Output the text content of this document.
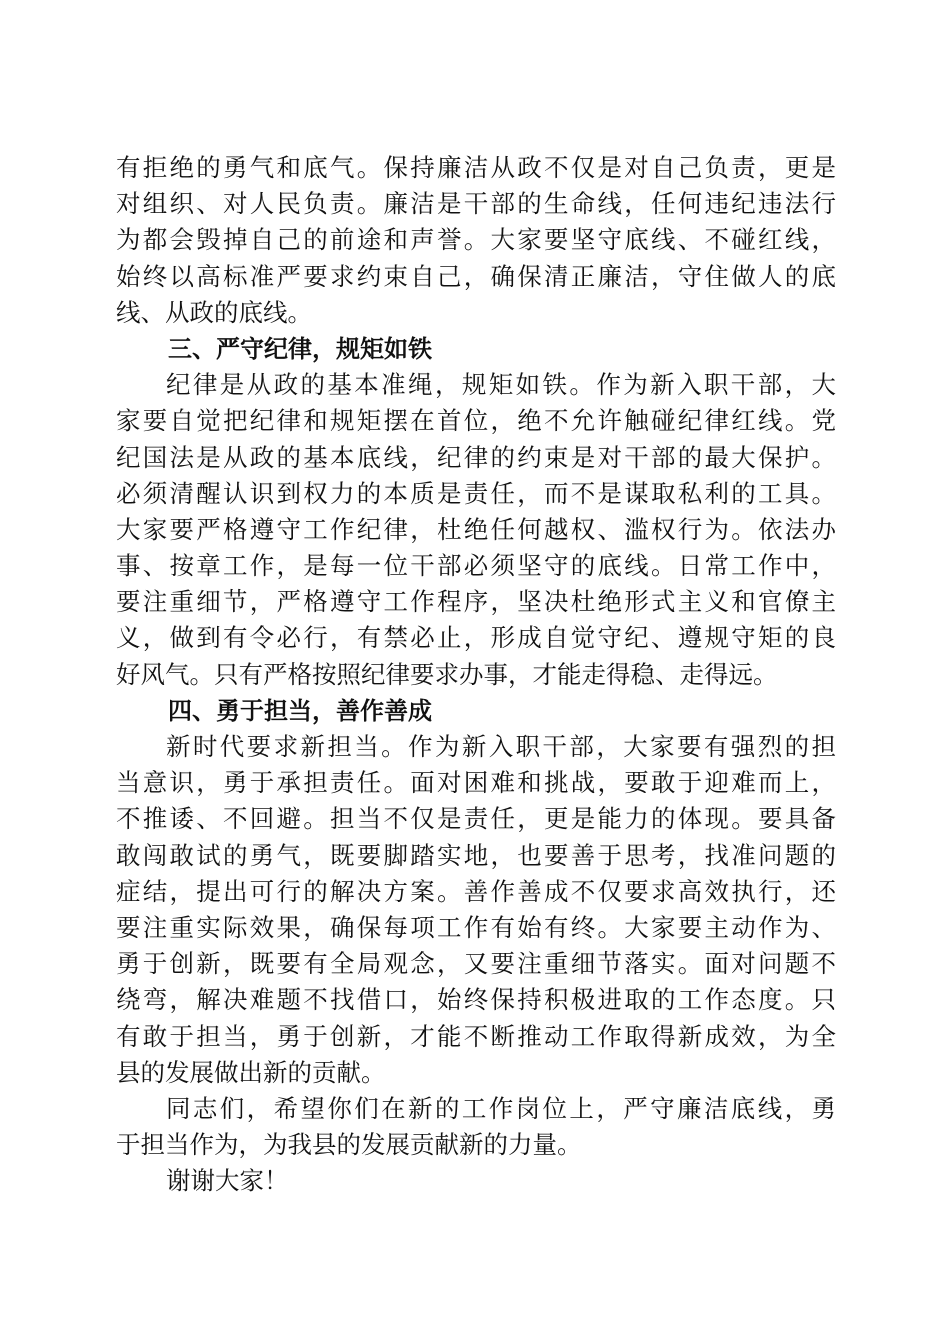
有拒绝的勇气和底气。保持廉洁从政不仅是对自己负责，更是
对组织、对人民负责。廉洁是干部的生命线，任何违纪违法行
为都会毁掉自己的前途和声誉。大家要坚守底线、不碰红线，
始终以高标准严要求约束自己，确保清正廉洁，守住做人的底
线、从政的底线。
三、严守纪律，规矩如铁
纪律是从政的基本准绳，规矩如铁。作为新入职干部，大
家要自觉把纪律和规矩摆在首位，绝不允许触碰纪律红线。党
纪国法是从政的基本底线，纪律的约束是对干部的最大保护。
必须清醒认识到权力的本质是责任，而不是谋取私利的工具。
大家要严格遵守工作纪律，杜绝任何越权、滥权行为。依法办
事、按章工作，是每一位干部必须坚守的底线。日常工作中，
要注重细节，严格遵守工作程序，坚决杜绝形式主义和官僚主
义，做到有令必行，有禁必止，形成自觉守纪、遵规守矩的良
好风气。只有严格按照纪律要求办事，才能走得稳、走得远。
四、勇于担当，善作善成
新时代要求新担当。作为新入职干部，大家要有强烈的担
当意识，勇于承担责任。面对困难和挑战，要敢于迎难而上，
不推诿、不回避。担当不仅是责任，更是能力的体现。要具备
敢闯敢试的勇气，既要脚踏实地，也要善于思考，找准问题的
症结，提出可行的解决方案。善作善成不仅要求高效执行，还
要注重实际效果，确保每项工作有始有终。大家要主动作为、
勇于创新，既要有全局观念，又要注重细节落实。面对问题不
绕弯，解决难题不找借口，始终保持积极进取的工作态度。只
有敢于担当，勇于创新，才能不断推动工作取得新成效，为全
县的发展做出新的贡献。
同志们，希望你们在新的工作岗位上，严守廉洁底线，勇
于担当作为，为我县的发展贡献新的力量。
谢谢大家！
